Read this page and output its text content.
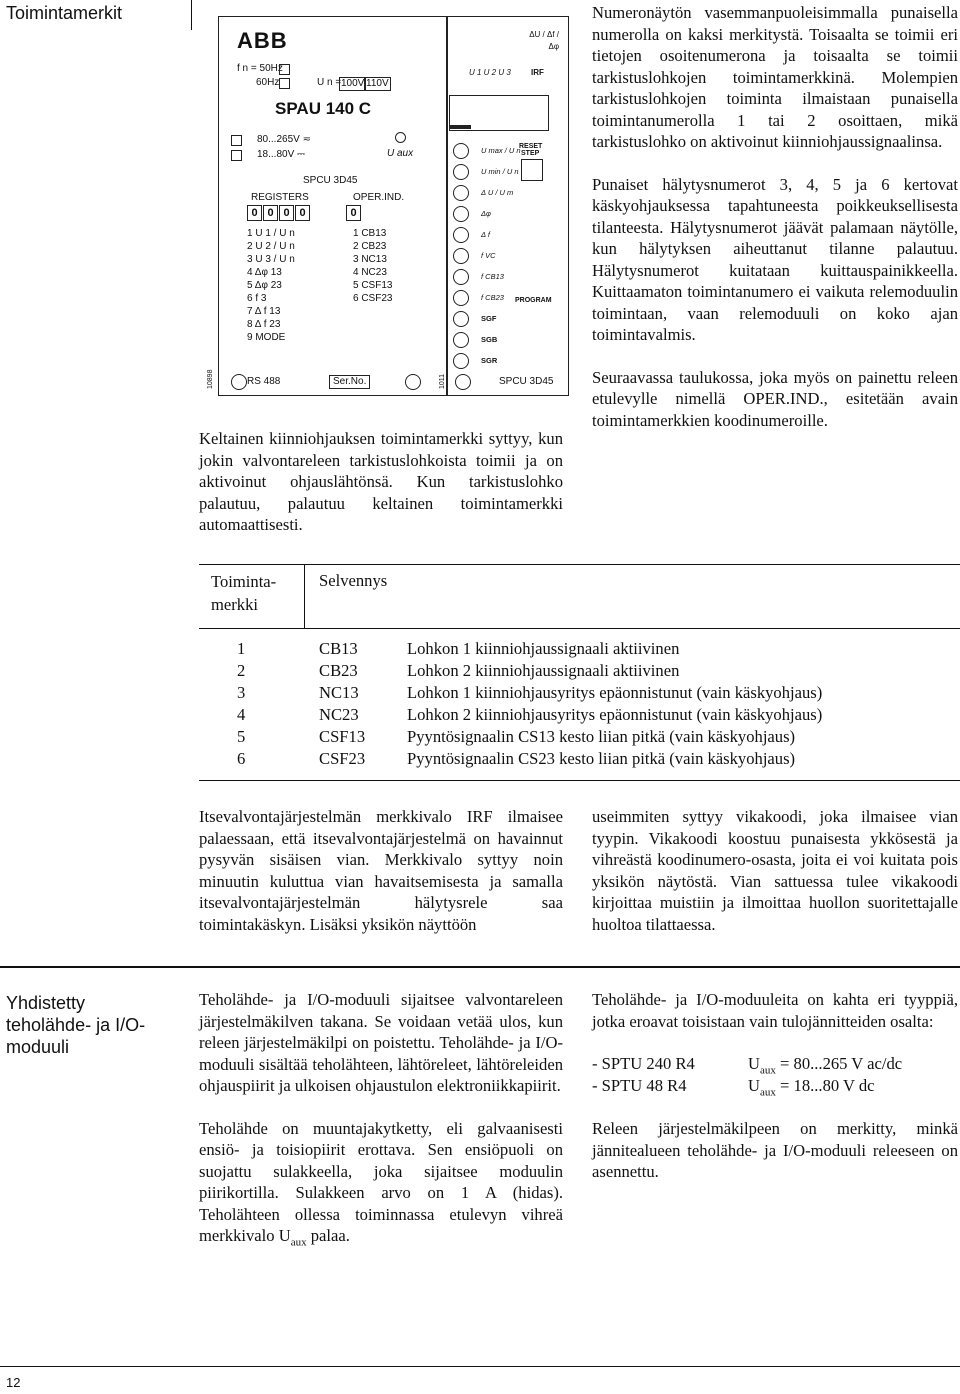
Toimintamerkit
ABB
f n = 50Hz
60Hz	U n = 100V 110V
SPAU 140 C
80...265V ≂
18...80V ⎓	U aux
SPCU 3D45
REGISTERS	OPER.IND.
0 0 0 0	0
1 U 1 / U n
2 U 2 / U n
3 U 3 / U n
4 Δφ 13
5 Δφ 23
6 f 3
7 Δ f 13
8 Δ f 23
9 MODE
1 CB13
2 CB23
3 NC13
4 NC23
5 CSF13
6 CSF23
RS 488	Ser.No.
10898
U 1 U 2 U 3
ΔU / Δf / Δφ
IRF
RESET
STEP
U max / U n
U min / U n
Δ U / U m
Δφ
Δ f
f VC
f CB13
f CB23
SGF
SGB
SGR
PROGRAM
SPCU 3D45
1011

Numeronäytön vasemmanpuoleisimmalla punaisella numerolla on kaksi merkitystä. Toisaalta se toimii eri tietojen osoitenumerona ja toisaalta se toimii tarkistuslohkojen toimintamerkkinä. Molempien tarkistuslohkojen toiminta ilmaistaan punaisella toimintanumerolla 1 tai 2 osoittaen, mikä tarkistuslohko on aktivoinut kiinniohjaussignaalinsa.

Punaiset hälytysnumerot 3, 4, 5 ja 6 kertovat käskyohjauksessa tapahtuneesta poikkeuksellisesta tilanteesta. Hälytysnumerot jäävät palamaan näytölle, kun hälytyksen aiheuttanut tilanne palautuu. Hälytysnumerot kuitataan kuittauspainikkeella. Kuittaamaton toimintanumero ei vaikuta relemoduulin toimintaan, vaan relemoduuli on koko ajan toimintavalmis.

Seuraavassa taulukossa, joka myös on painettu releen etulevylle nimellä OPER.IND., esitetään avain toimintamerkkien koodinumeroille.

Keltainen kiinniohjauksen toimintamerkki syttyy, kun jokin valvontareleen tarkistuslohkoista toimii ja on aktivoinut ohjauslähtönsä. Kun tarkistuslohko palautuu, palautuu keltainen toimintamerkki automaattisesti.
Toiminta-merkki
Selvennys
1	CB13	Lohkon 1 kiinniohjaussignaali aktiivinen
2	CB23	Lohkon 2 kiinniohjaussignaali aktiivinen
3	NC13	Lohkon 1 kiinniohjausyritys epäonnistunut (vain käskyohjaus)
4	NC23	Lohkon 2 kiinniohjausyritys epäonnistunut (vain käskyohjaus)
5	CSF13	Pyyntösignaalin CS13 kesto liian pitkä (vain käskyohjaus)
6	CSF23	Pyyntösignaalin CS23 kesto liian pitkä (vain käskyohjaus)
Itsevalvontajärjestelmän merkkivalo IRF ilmaisee palaessaan, että itsevalvontajärjestelmä on havainnut pysyvän sisäisen vian. Merkkivalo syttyy noin minuutin kuluttua vian havaitsemisesta ja samalla itsevalvontajärjestelmän hälytysrele saa toimintakäskyn. Lisäksi yksikön näyttöön
useimmiten syttyy vikakoodi, joka ilmaisee vian tyypin. Vikakoodi koostuu punaisesta ykkösestä ja vihreästä koodinumero-osasta, joita ei voi kuitata pois yksikön näytöstä. Vian sattuessa tulee vikakoodi kirjoittaa muistiin ja ilmoittaa huollon suoritettajalle huoltoa tilattaessa.
Yhdistetty teholähde- ja I/O-moduuli

Teholähde- ja I/O-moduuli sijaitsee valvontareleen järjestelmäkilven takana. Se voidaan vetää ulos, kun releen järjestelmäkilpi on poistettu. Teholähde- ja I/O-moduuli sisältää teholähteen, lähtöreleet, lähtöreleiden ohjauspiirit ja ulkoisen ohjaustulon elektroniikkapiirit.

Teholähde on muuntajakytketty, eli galvaanisesti ensiö- ja toisiopiirit erottava. Sen ensiöpuoli on suojattu sulakkeella, joka sijaitsee moduulin piirikortilla. Sulakkeen arvo on 1 A (hidas). Teholähteen ollessa toiminnassa etulevyn vihreä merkkivalo $U_{aux}$ palaa.

Teholähde- ja I/O-moduuleita on kahta eri tyyppiä, jotka eroavat toisistaan vain tulojännitteiden osalta:

- SPTU 240 R4	$U_{aux} = 80...265$ V ac/dc
- SPTU 48 R4	$U_{aux} = 18...80$ V dc

Releen järjestelmäkilpeen on merkitty, minkä jännitealueen teholähde- ja I/O-moduuli releeseen on asennettu.

12
